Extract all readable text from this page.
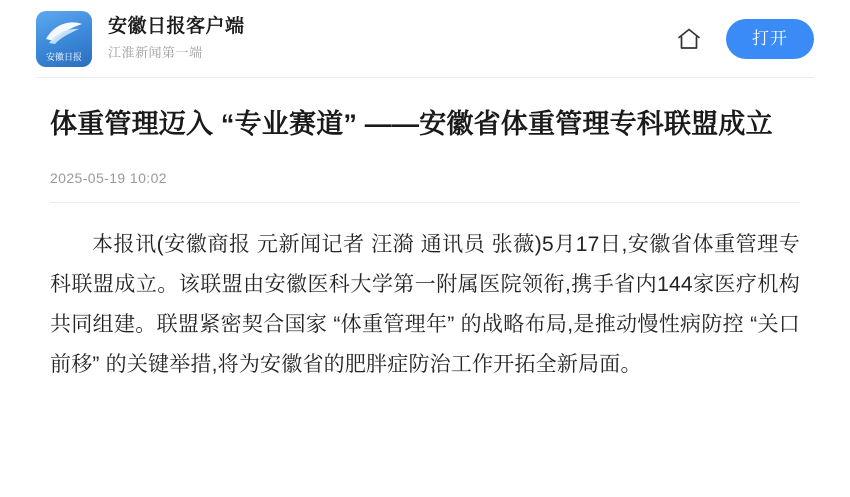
安徽日报
安徽日报客户端
江淮新闻第一端
打开
体重管理迈入 “专业赛道” ——安徽省体重管理专科联盟成立
2025-05-19 10:02

本报讯(安徽商报 元新闻记者 汪漪 通讯员 张薇)5月17日,安徽省体重管理专科联盟成立。该联盟由安徽医科大学第一附属医院领衔,携手省内144家医疗机构共同组建。联盟紧密契合国家 “体重管理年” 的战略布局,是推动慢性病防控 “关口前移” 的关键举措,将为安徽省的肥胖症防治工作开拓全新局面。
